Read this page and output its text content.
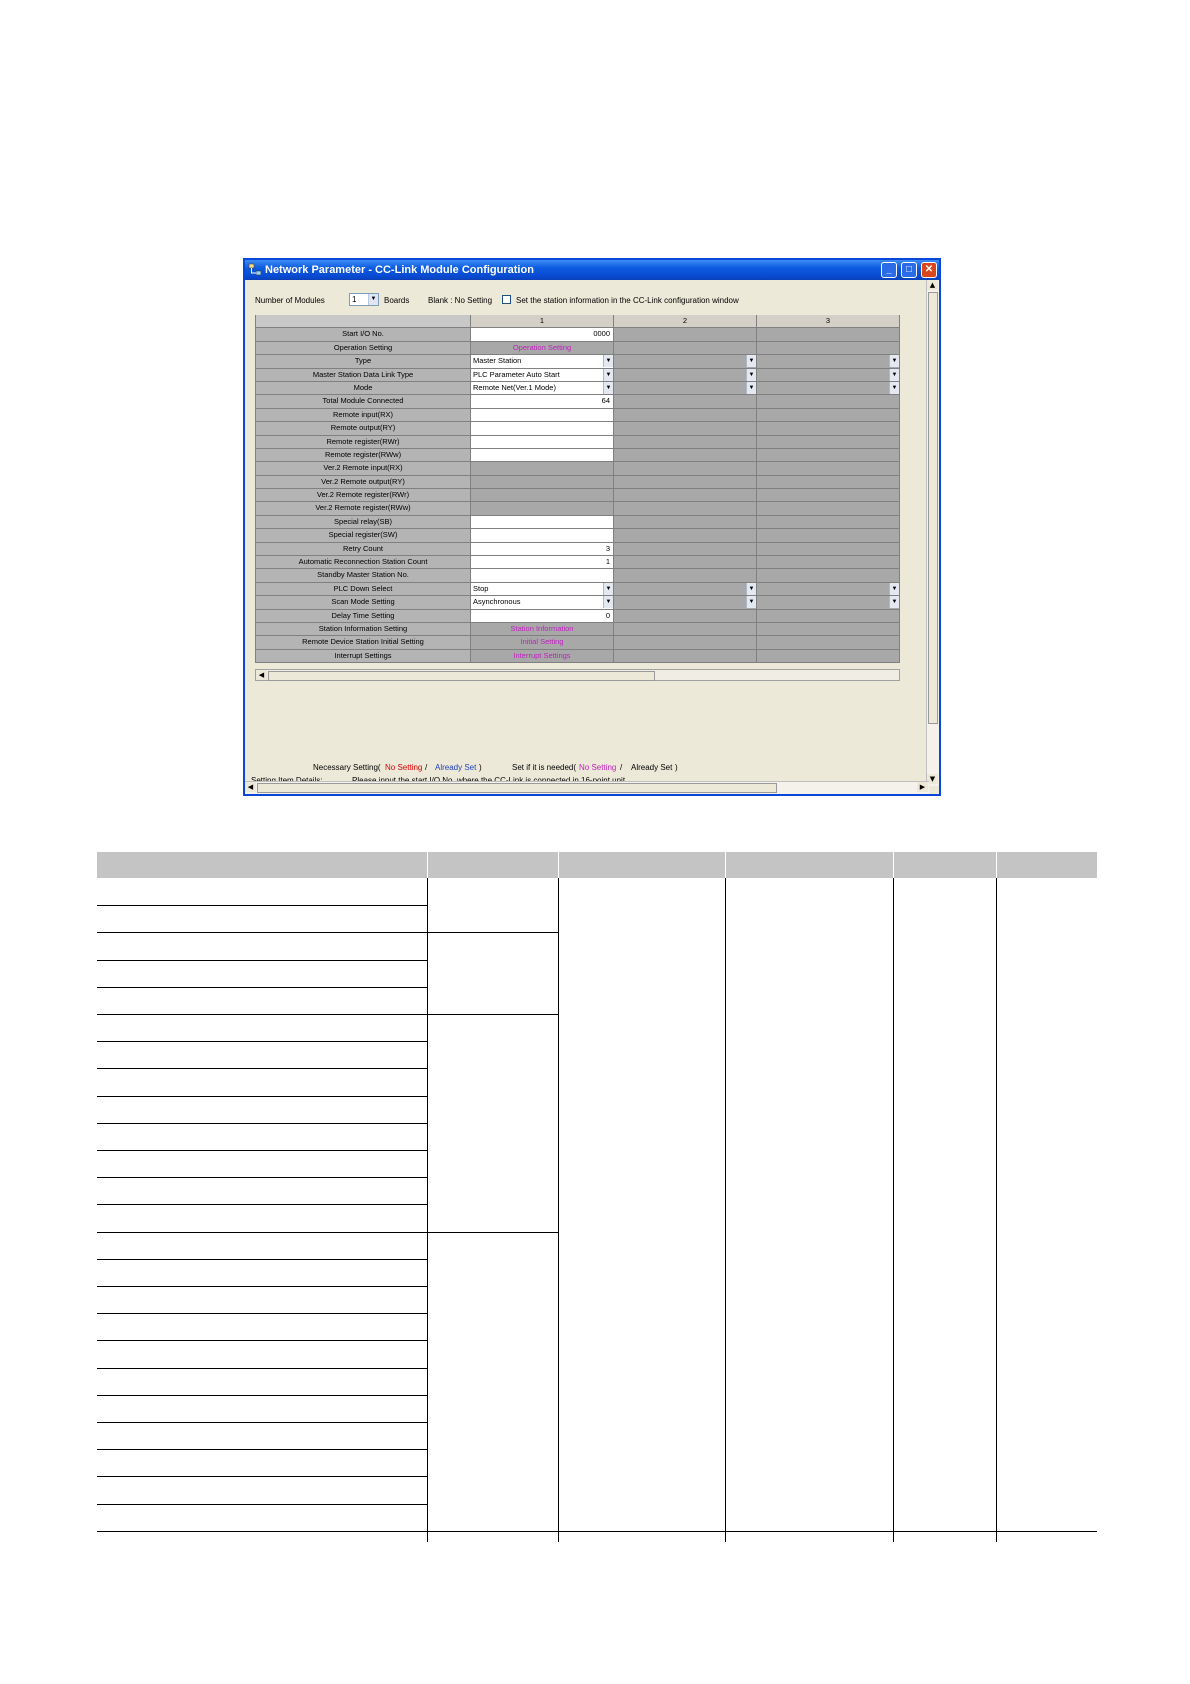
Network Parameter - CC-Link Module Configuration	_	□	✕
Number of Modules	1	▼ Boards Blank : No Setting	Set the station information in the CC-Link configuration window
1	2	3
Start I/O No.	0000
Operation Setting	Operation Setting
Type	Master Station	▼	▼	▼
Master Station Data Link Type	PLC Parameter Auto Start	▼	▼	▼
Mode	Remote Net(Ver.1 Mode)	▼	▼	▼
Total Module Connected	64
Remote input(RX)
Remote output(RY)
Remote register(RWr)
Remote register(RWw)
Ver.2 Remote input(RX)
Ver.2 Remote output(RY)
Ver.2 Remote register(RWr)
Ver.2 Remote register(RWw)
Special relay(SB)
Special register(SW)
Retry Count	3
Automatic Reconnection Station Count	1
Standby Master Station No.
PLC Down Select	Stop	▼	▼	▼
Scan Mode Setting	Asynchronous	▼	▼	▼
Delay Time Setting	0
Station Information Setting	Station Information
Remote Device Station Initial Setting	Initial Setting
Interrupt Settings	Interrupt Settings
◀
Necessary Setting( No Setting / Already Set )	Set if it is needed( No Setting / Already Set )
▲
▼
◀	▶
